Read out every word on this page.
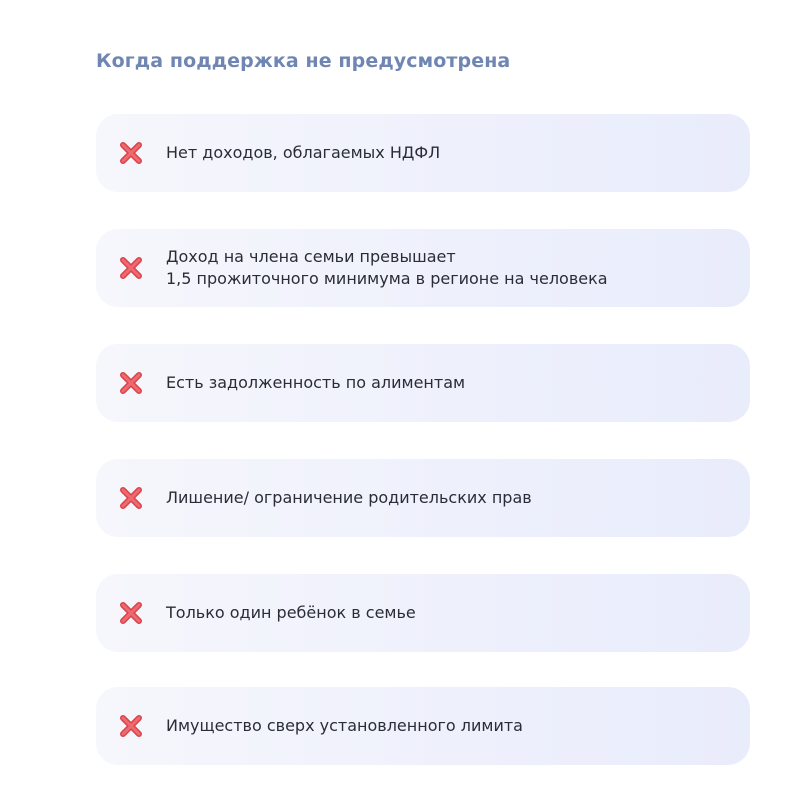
Когда поддержка не предусмотрена
Нет доходов, облагаемых НДФЛ
Доход на члена семьи превышает
1,5 прожиточного минимума в регионе на человека
Есть задолженность по алиментам
Лишение/ ограничение родительских прав
Только один ребёнок в семье
Имущество сверх установленного лимита
